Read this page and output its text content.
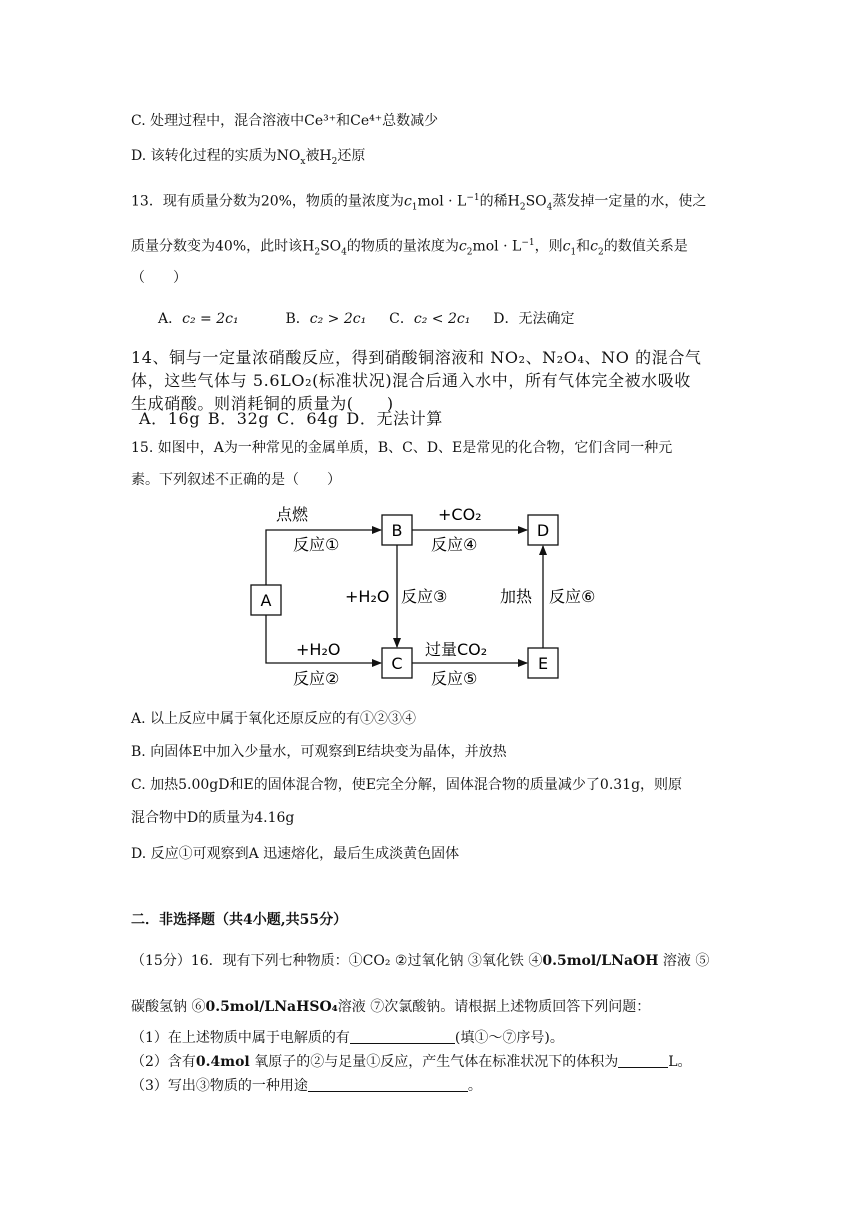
C. 处理过程中，混合溶液中Ce³⁺和Ce⁴⁺总数减少
D. 该转化过程的实质为$NO_x$被$H_2$还原
13．现有质量分数为20%，物质的量浓度为$c_1mol \cdot L^{-1}$的稀$H_2SO_4$蒸发掉一定量的水，使之
质量分数变为40%，此时该$H_2SO_4$的物质的量浓度为$c_2mol \cdot L^{-1}$，则$c_1$和$c_2$的数值关系是
（　　）
A．c₂ = 2c₁	B．c₂ > 2c₁ C．c₂ < 2c₁ D．无法确定
14、铜与一定量浓硝酸反应，得到硝酸铜溶液和 NO₂、N₂O₄、NO 的混合气
体，这些气体与 5.6LO₂(标准状况)混合后通入水中，所有气体完全被水吸收
生成硝酸。则消耗铜的质量为(　　)
A．16g B．32g C．64g D．无法计算
15. 如图中，A为一种常见的金属单质，B、C、D、E是常见的化合物，它们含同一种元
素。下列叙述不正确的是（　　）
A
B
C
D
E
点燃
反应①
+CO₂
反应④
+H₂O 反应③	加热 反应⑥
+H₂O
反应②
过量CO₂
反应⑤
A. 以上反应中属于氧化还原反应的有①②③④
B. 向固体E中加入少量水，可观察到E结块变为晶体，并放热
C. 加热5.00gD和E的固体混合物，使E完全分解，固体混合物的质量减少了0.31g，则原
混合物中D的质量为4.16g
D. 反应①可观察到A 迅速熔化，最后生成淡黄色固体
二．非选择题（共4小题,共55分）
（15分）16．现有下列七种物质：①CO₂ ②过氧化钠 ③氧化铁 ④0.5mol/LNaOH 溶液 ⑤
碳酸氢钠 ⑥0.5mol/LNaHSO₄溶液 ⑦次氯酸钠。请根据上述物质回答下列问题：
（1）在上述物质中属于电解质的有	(填①～⑦序号)。
（2）含有0.4mol 氧原子的②与足量①反应，产生气体在标准状况下的体积为	L。
（3）写出③物质的一种用途	。
